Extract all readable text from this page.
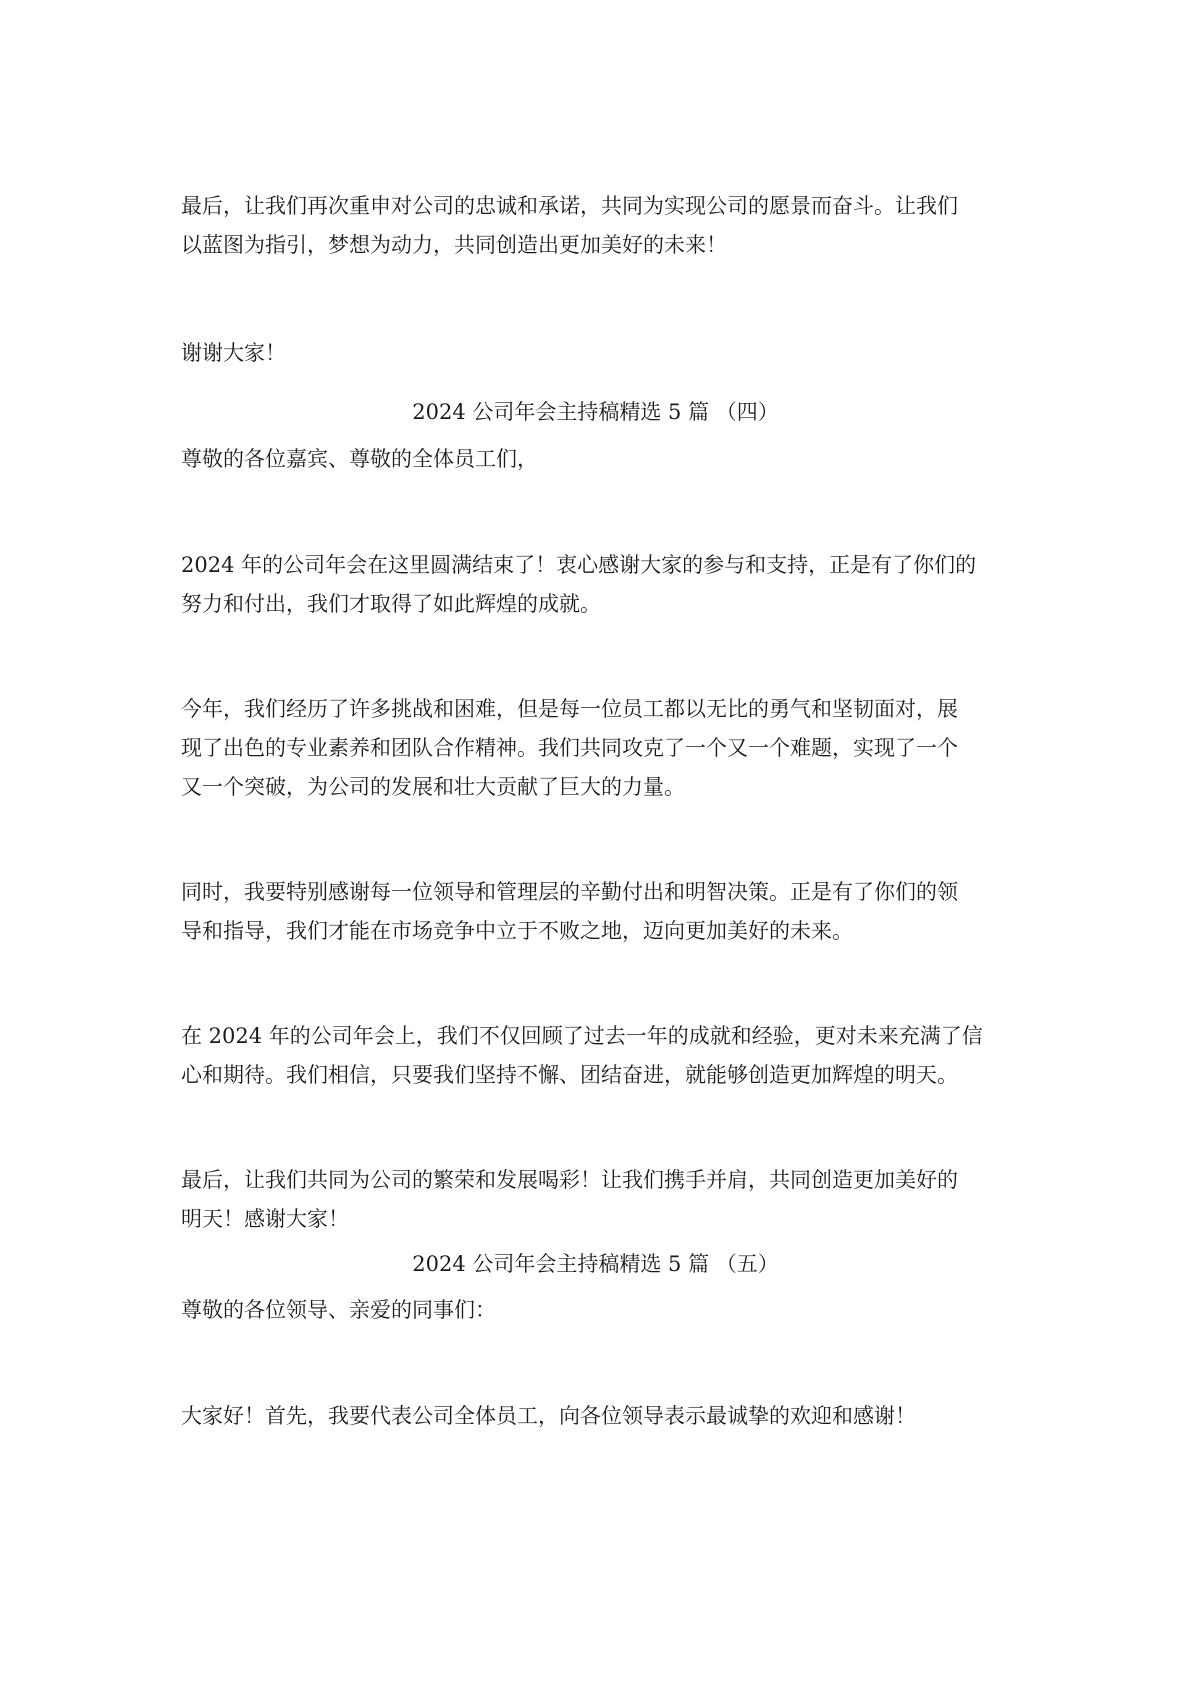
最后，让我们再次重申对公司的忠诚和承诺，共同为实现公司的愿景而奋斗。让我们
以蓝图为指引，梦想为动力，共同创造出更加美好的未来！

谢谢大家！

2024 公司年会主持稿精选 5 篇 （四）

尊敬的各位嘉宾、尊敬的全体员工们，

2024 年的公司年会在这里圆满结束了！衷心感谢大家的参与和支持，正是有了你们的
努力和付出，我们才取得了如此辉煌的成就。

今年，我们经历了许多挑战和困难，但是每一位员工都以无比的勇气和坚韧面对，展
现了出色的专业素养和团队合作精神。我们共同攻克了一个又一个难题，实现了一个
又一个突破，为公司的发展和壮大贡献了巨大的力量。

同时，我要特别感谢每一位领导和管理层的辛勤付出和明智决策。正是有了你们的领
导和指导，我们才能在市场竞争中立于不败之地，迈向更加美好的未来。

在 2024 年的公司年会上，我们不仅回顾了过去一年的成就和经验，更对未来充满了信
心和期待。我们相信，只要我们坚持不懈、团结奋进，就能够创造更加辉煌的明天。

最后，让我们共同为公司的繁荣和发展喝彩！让我们携手并肩，共同创造更加美好的
明天！感谢大家！

2024 公司年会主持稿精选 5 篇 （五）

尊敬的各位领导、亲爱的同事们：

大家好！首先，我要代表公司全体员工，向各位领导表示最诚挚的欢迎和感谢！
